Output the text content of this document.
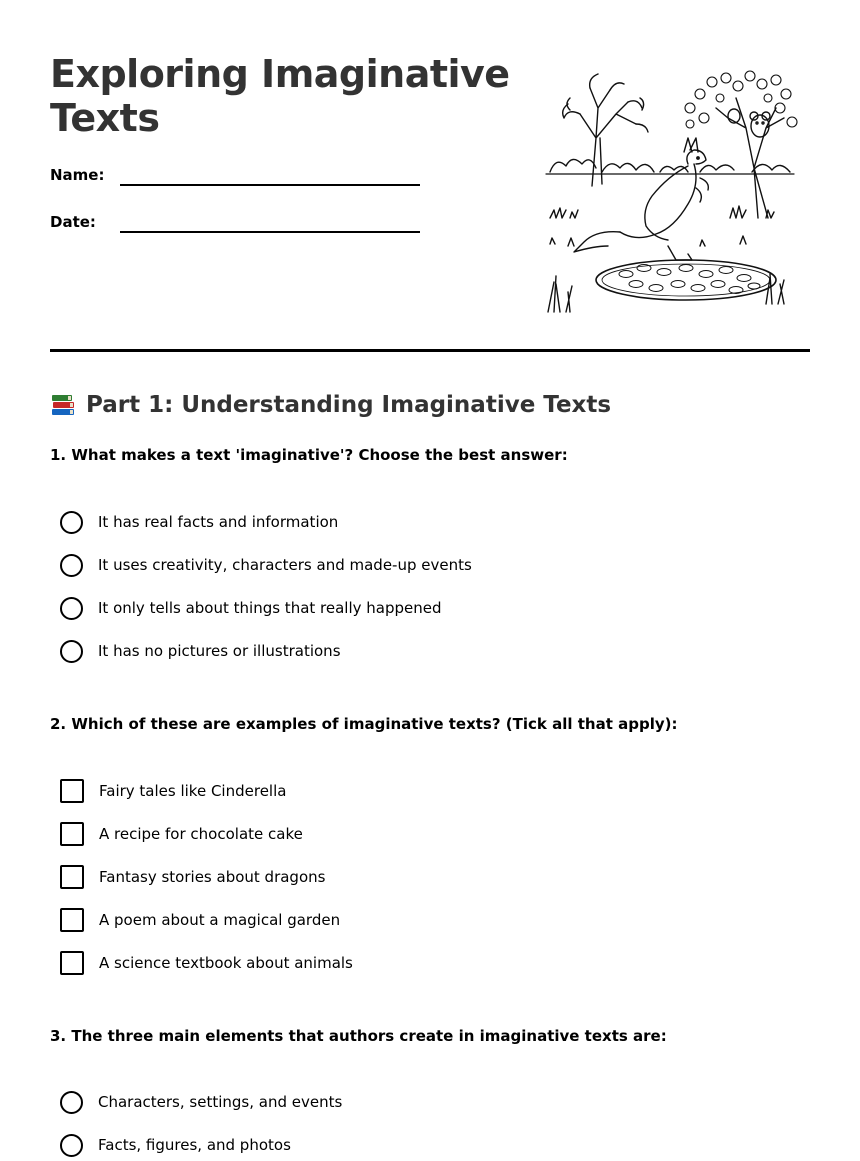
Exploring Imaginative Texts
Name:
Date:
Part 1: Understanding Imaginative Texts
1. What makes a text 'imaginative'? Choose the best answer:
It has real facts and information
It uses creativity, characters and made-up events
It only tells about things that really happened
It has no pictures or illustrations
2. Which of these are examples of imaginative texts? (Tick all that apply):
Fairy tales like Cinderella
A recipe for chocolate cake
Fantasy stories about dragons
A poem about a magical garden
A science textbook about animals
3. The three main elements that authors create in imaginative texts are:
Characters, settings, and events
Facts, figures, and photos
